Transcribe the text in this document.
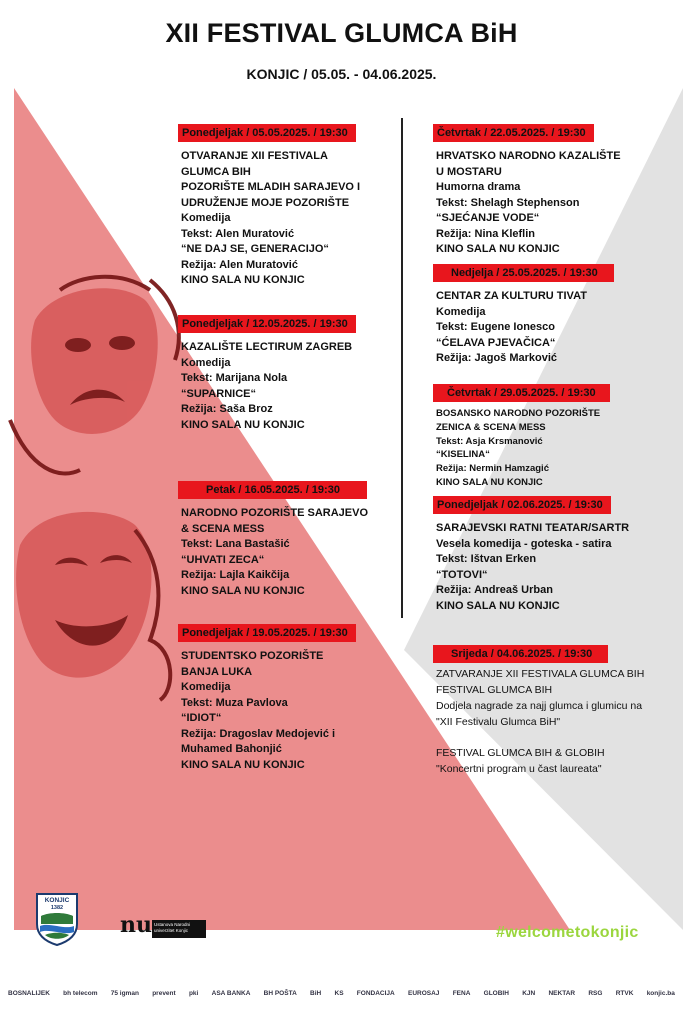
XII FESTIVAL GLUMCA BiH
KONJIC / 05.05. - 04.06.2025.
Ponedjeljak / 05.05.2025. / 19:30
OTVARANJE XII FESTIVALA
GLUMCA BIH
POZORIŠTE MLADIH SARAJEVO I
UDRUŽENJE MOJE POZORIŠTE
Komedija
Tekst: Alen Muratović
“NE DAJ SE, GENERACIJO“
Režija: Alen Muratović
KINO SALA NU KONJIC
Ponedjeljak / 12.05.2025. / 19:30
KAZALIŠTE LECTIRUM ZAGREB
Komedija
Tekst: Marijana Nola
“SUPARNICE“
Režija: Saša Broz
KINO SALA NU KONJIC
Petak / 16.05.2025. / 19:30
NARODNO POZORIŠTE SARAJEVO
& SCENA MESS
Tekst: Lana Bastašić
“UHVATI ZECA“
Režija: Lajla Kaikčija
KINO SALA NU KONJIC
Ponedjeljak / 19.05.2025. / 19:30
STUDENTSKO POZORIŠTE
BANJA LUKA
Komedija
Tekst: Muza Pavlova
“IDIOT“
Režija: Dragoslav Medojević i
Muhamed Bahonjić
KINO SALA NU KONJIC
Četvrtak / 22.05.2025. / 19:30
HRVATSKO NARODNO KAZALIŠTE
U MOSTARU
Humorna drama
Tekst: Shelagh Stephenson
“SJEĆANJE VODE“
Režija: Nina Kleflin
KINO SALA NU KONJIC
Nedjelja / 25.05.2025. / 19:30
CENTAR ZA KULTURU TIVAT
Komedija
Tekst: Eugene Ionesco
“ĆELAVA PJEVAČICA“
Režija: Jagoš Marković
Četvrtak / 29.05.2025. / 19:30
BOSANSKO NARODNO POZORIŠTE
ZENICA & SCENA MESS
Tekst: Asja Krsmanović
“KISELINA“
Režija: Nermin Hamzagić
KINO SALA NU KONJIC
Ponedjeljak / 02.06.2025. / 19:30
SARAJEVSKI RATNI TEATAR/SARTR
Vesela komedija - goteska - satira
Tekst: Ištvan Erken
“TOTOVI“
Režija: Andreaš Urban
KINO SALA NU KONJIC
Srijeda / 04.06.2025. / 19:30
ZATVARANJE XII FESTIVALA GLUMCA BIH
FESTIVAL GLUMCA BIH
Dodjela nagrade za najj glumca i glumicu na
"XII Festivalu Glumca BiH"
FESTIVAL GLUMCA BIH & GLOBIH
"Koncertni program u čast laureata"
KONJIC
1382
nu Ustanova Narodni univerzitet Konjic	#welcometokonjic
BOSNALIJEK bh telecom 75 igman prevent pki ASA BANKA BH POŠTA BiH KS FONDACIJA EUROSAJ FENA GLOBIH KJN NEKTAR RSG RTVK konjic.ba
